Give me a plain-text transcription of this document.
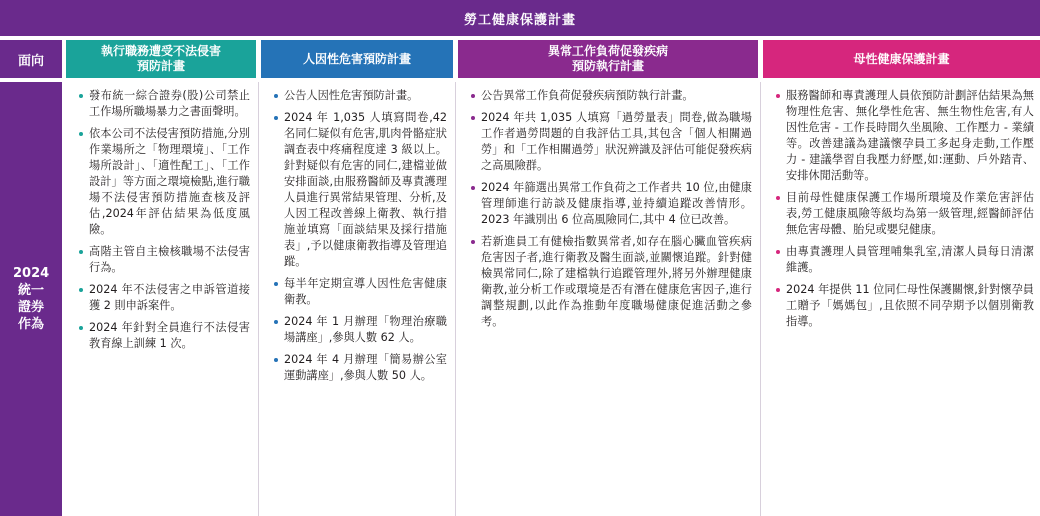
勞工健康保護計畫
面向
2024
統一
證券
作為
執行職務遭受不法侵害
預防計畫
發布統一綜合證券(股)公司禁止工作場所職場暴力之書面聲明。
依本公司不法侵害預防措施,分別作業場所之「物理環境」、「工作場所設計」、「適性配工」、「工作設計」等方面之環境檢點,進行職場不法侵害預防措施查核及評估,2024年評估結果為低度風險。
高階主管自主檢核職場不法侵害行為。
2024 年不法侵害之申訴管道接獲 2 則申訴案件。
2024 年針對全員進行不法侵害教育線上訓練 1 次。
人因性危害預防計畫
公告人因性危害預防計畫。
2024 年 1,035 人填寫問卷,42 名同仁疑似有危害,肌肉骨骼症狀調查表中疼痛程度達 3 級以上。針對疑似有危害的同仁,建檔並做安排面談,由服務醫師及專責護理人員進行異常結果管理、分析,及人因工程改善線上衛教、執行措施並填寫「面談結果及採行措施表」,予以健康衛教指導及管理追蹤。
每半年定期宣導人因性危害健康衛教。
2024 年 1 月辦理「物理治療職場講座」,參與人數 62 人。
2024 年 4 月辦理「簡易辦公室運動講座」,參與人數 50 人。
異常工作負荷促發疾病
預防執行計畫
公告異常工作負荷促發疾病預防執行計畫。
2024 年共 1,035 人填寫「過勞量表」問卷,做為職場工作者過勞問題的自我評估工具,其包含「個人相關過勞」和「工作相關過勞」狀況辨識及評估可能促發疾病之高風險群。
2024 年篩選出異常工作負荷之工作者共 10 位,由健康管理師進行訪談及健康指導,並持續追蹤改善情形。2023 年識別出 6 位高風險同仁,其中 4 位已改善。
若新進員工有健檢指數異常者,如存在腦心臟血管疾病危害因子者,進行衛教及醫生面談,並關懷追蹤。針對健檢異常同仁,除了建檔執行追蹤管理外,將另外辦理健康衛教,並分析工作或環境是否有潛在健康危害因子,進行調整規劃,以此作為推動年度職場健康促進活動之參考。
母性健康保護計畫
服務醫師和專責護理人員依預防計劃評估結果為無物理性危害、無化學性危害、無生物性危害,有人因性危害 - 工作長時間久坐風險、工作壓力 - 業績等。改善建議為建議懷孕員工多起身走動,工作壓力 - 建議學習自我壓力紓壓,如:運動、戶外踏青、安排休閒活動等。
目前母性健康保護工作場所環境及作業危害評估表,勞工健康風險等級均為第一級管理,經醫師評估無危害母體、胎兒或嬰兒健康。
由專責護理人員管理哺集乳室,清潔人員每日清潔維護。
2024 年提供 11 位同仁母性保護關懷,針對懷孕員工贈予「媽媽包」,且依照不同孕期予以個別衛教指導。
